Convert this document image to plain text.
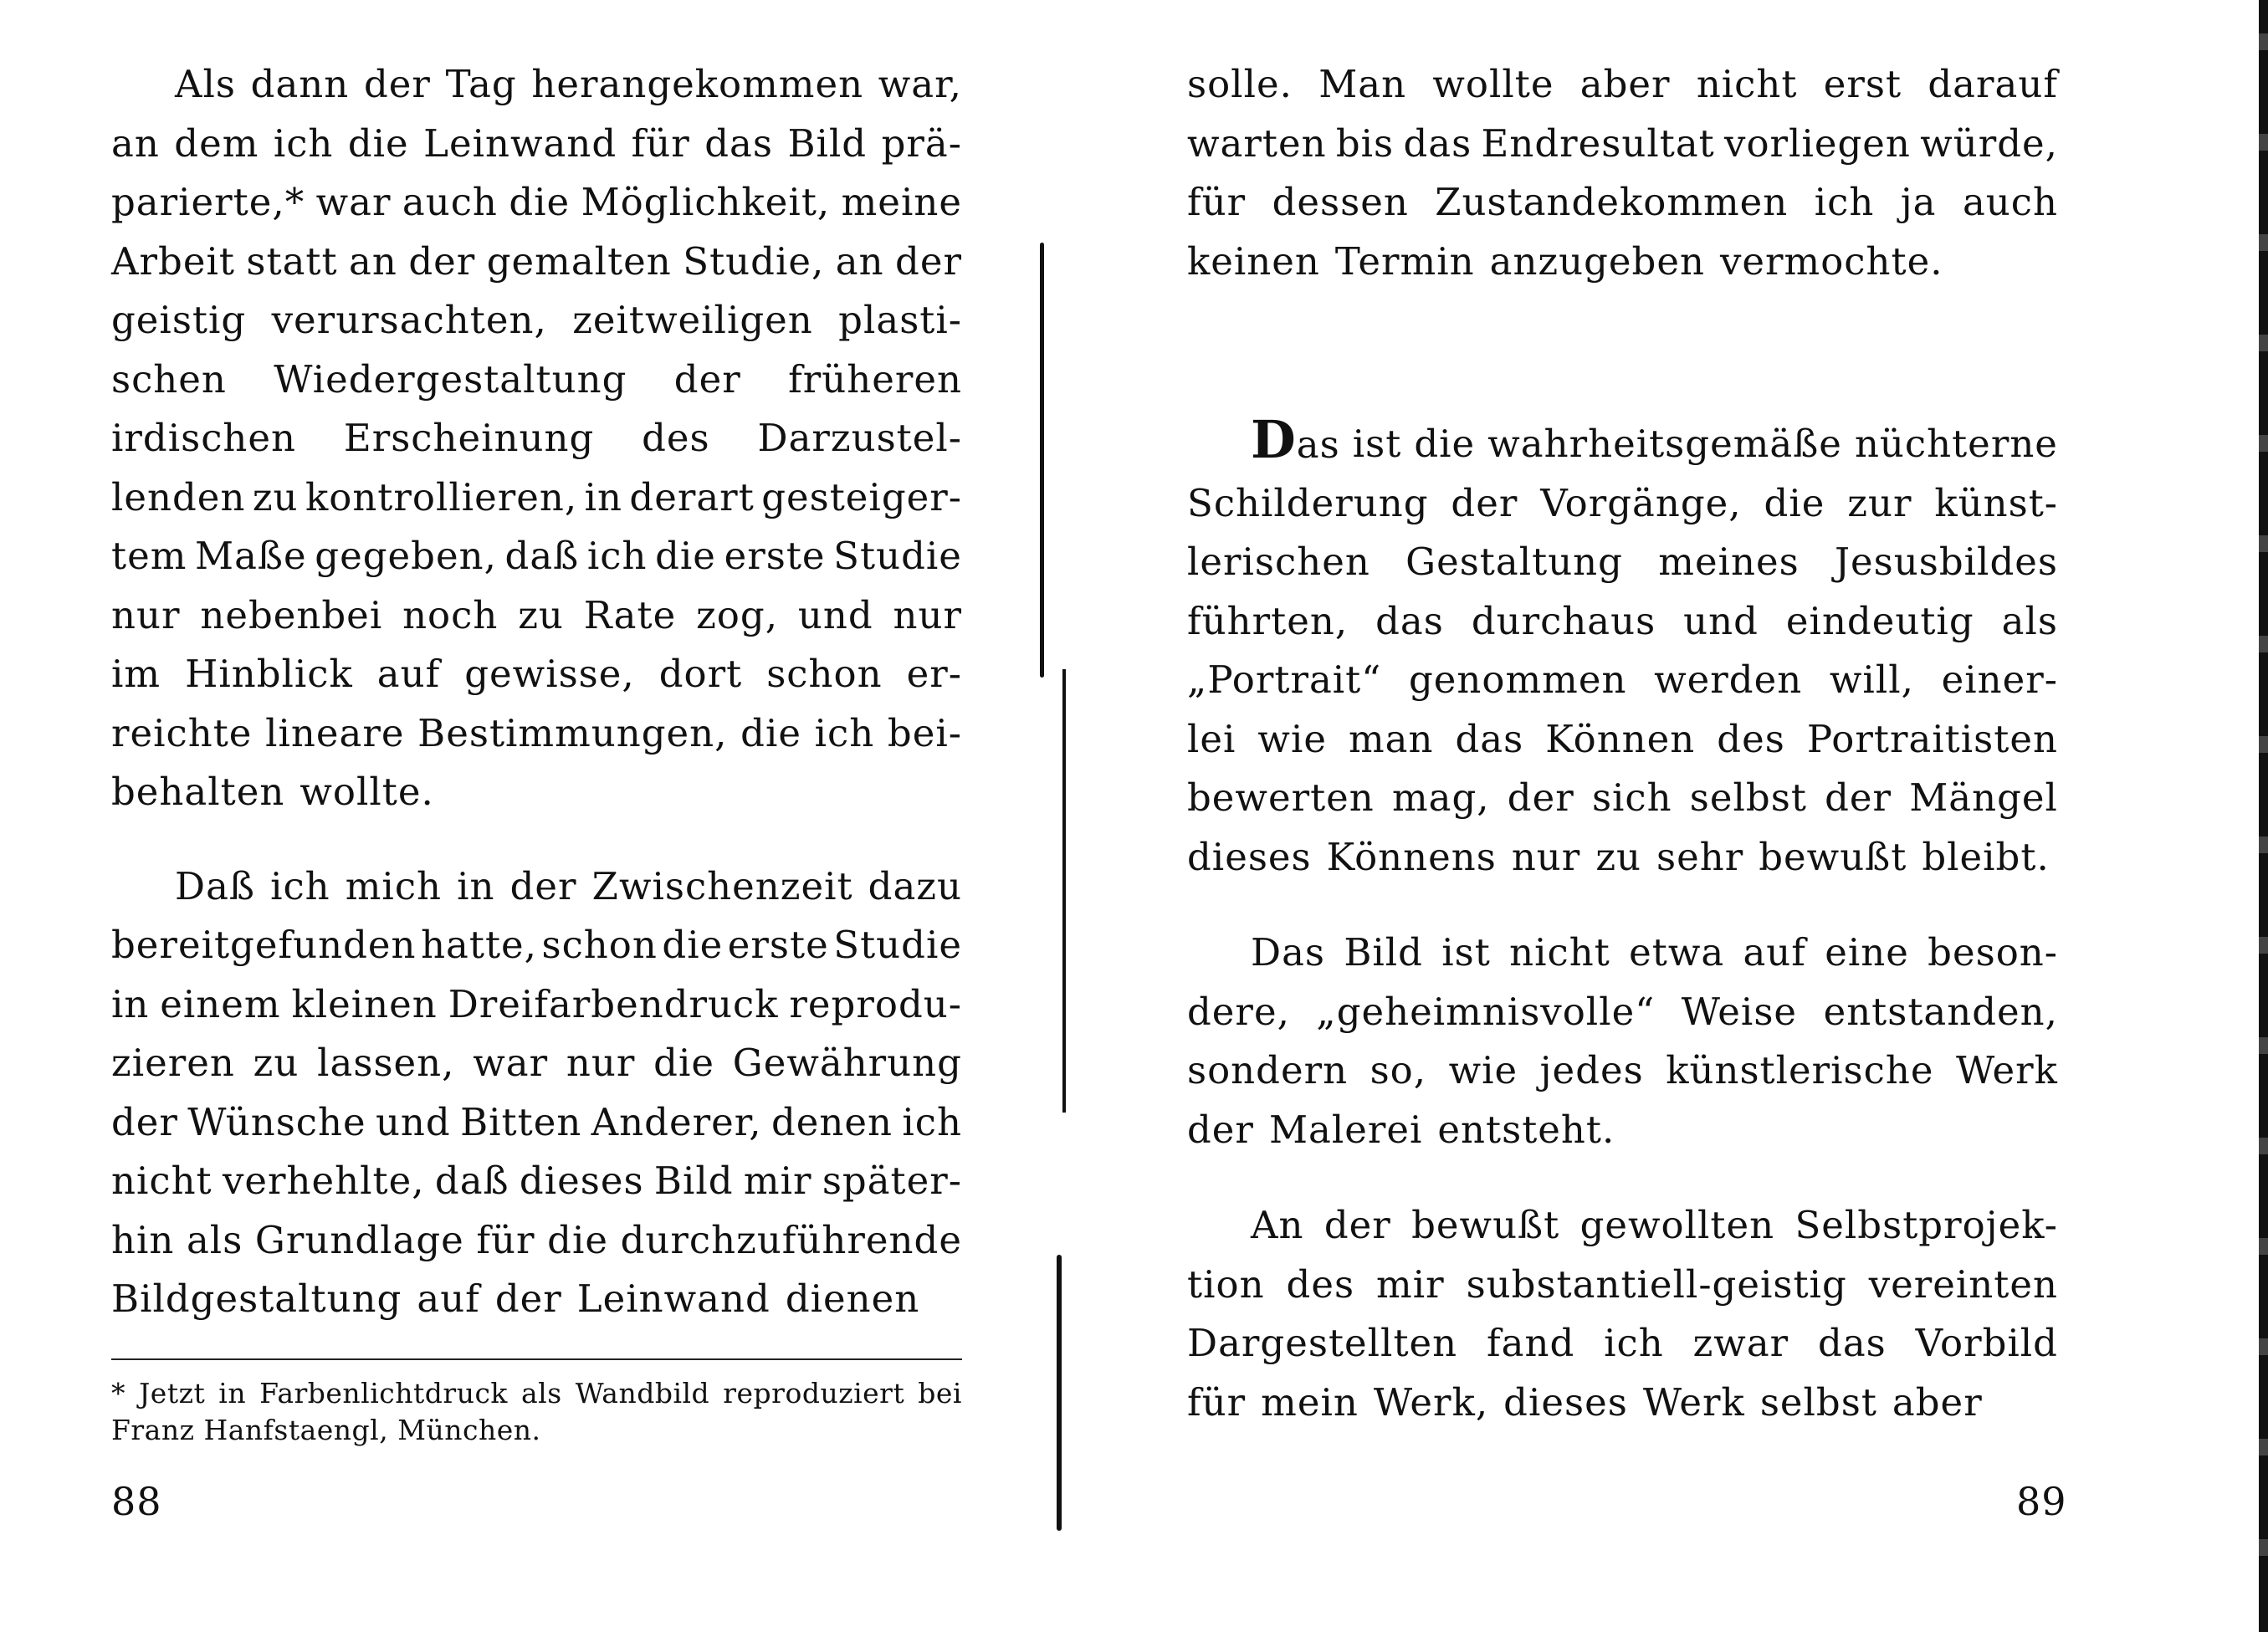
Als dann der Tag herangekommen war,
an dem ich die Leinwand für das Bild prä-
parierte,* war auch die Möglichkeit, meine
Arbeit statt an der gemalten Studie, an der
geistig verursachten, zeitweiligen plasti-
schen Wiedergestaltung der früheren
irdischen Erscheinung des Darzustel-
lenden zu kontrollieren, in derart gesteiger-
tem Maße gegeben, daß ich die erste Studie
nur nebenbei noch zu Rate zog, und nur
im Hinblick auf gewisse, dort schon er-
reichte lineare Bestimmungen, die ich bei-
behalten wollte.
Daß ich mich in der Zwischenzeit dazu
bereitgefunden hatte, schon die erste Studie
in einem kleinen Dreifarbendruck reprodu-
zieren zu lassen, war nur die Gewährung
der Wünsche und Bitten Anderer, denen ich
nicht verhehlte, daß dieses Bild mir später-
hin als Grundlage für die durchzuführende
Bildgestaltung auf der Leinwand dienen
* Jetzt in Farbenlichtdruck als Wandbild reproduziert bei
Franz Hanfstaengl, München.
88
solle. Man wollte aber nicht erst darauf
warten bis das Endresultat vorliegen würde,
für dessen Zustandekommen ich ja auch
keinen Termin anzugeben vermochte.
Das ist die wahrheitsgemäße nüchterne
Schilderung der Vorgänge, die zur künst-
lerischen Gestaltung meines Jesusbildes
führten, das durchaus und eindeutig als
„Portrait“ genommen werden will, einer-
lei wie man das Können des Portraitisten
bewerten mag, der sich selbst der Mängel
dieses Könnens nur zu sehr bewußt bleibt.
Das Bild ist nicht etwa auf eine beson-
dere, „geheimnisvolle“ Weise entstanden,
sondern so, wie jedes künstlerische Werk
der Malerei entsteht.
An der bewußt gewollten Selbstprojek-
tion des mir substantiell-geistig vereinten
Dargestellten fand ich zwar das Vorbild
für mein Werk, dieses Werk selbst aber
89
